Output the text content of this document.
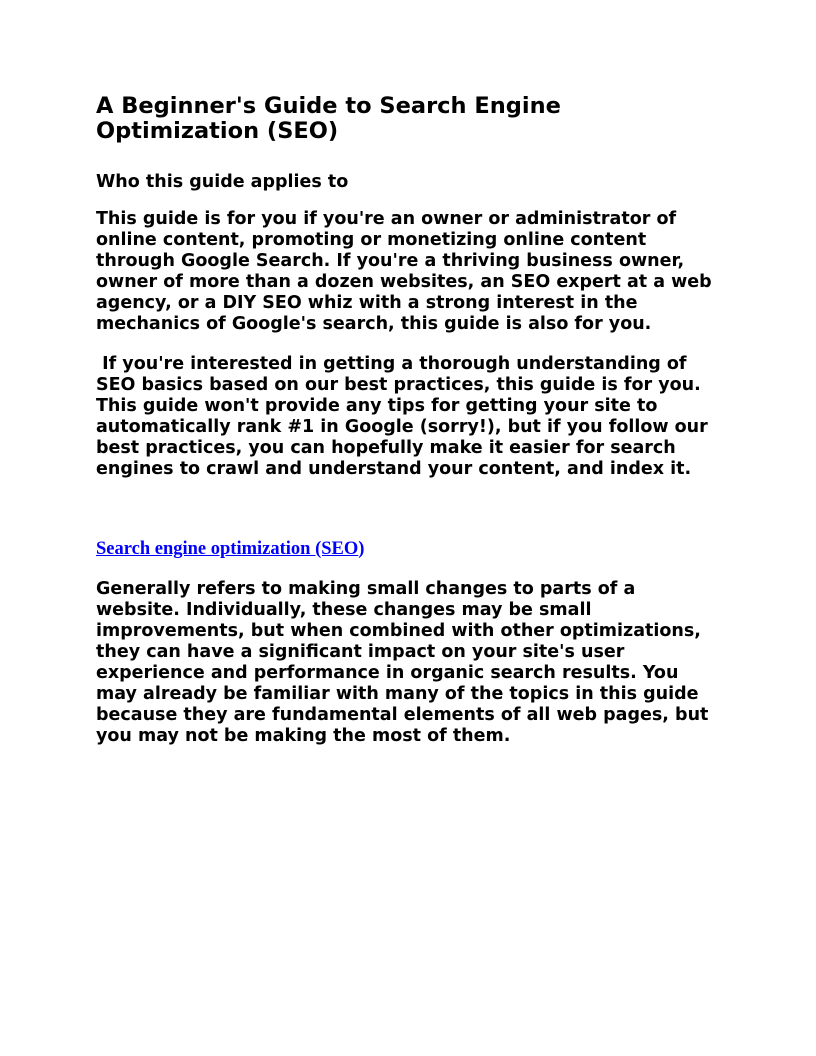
A Beginner's Guide to Search Engine Optimization (SEO)
Who this guide applies to

This guide is for you if you're an owner or administrator of online content, promoting or monetizing online content through Google Search. If you're a thriving business owner, owner of more than a dozen websites, an SEO expert at a web agency, or a DIY SEO whiz with a strong interest in the mechanics of Google's search, this guide is also for you.

If you're interested in getting a thorough understanding of SEO basics based on our best practices, this guide is for you. This guide won't provide any tips for getting your site to automatically rank #1 in Google (sorry!), but if you follow our best practices, you can hopefully make it easier for search engines to crawl and understand your content, and index it.

Search engine optimization (SEO)

Generally refers to making small changes to parts of a website. Individually, these changes may be small improvements, but when combined with other optimizations, they can have a significant impact on your site's user experience and performance in organic search results. You may already be familiar with many of the topics in this guide because they are fundamental elements of all web pages, but you may not be making the most of them.
